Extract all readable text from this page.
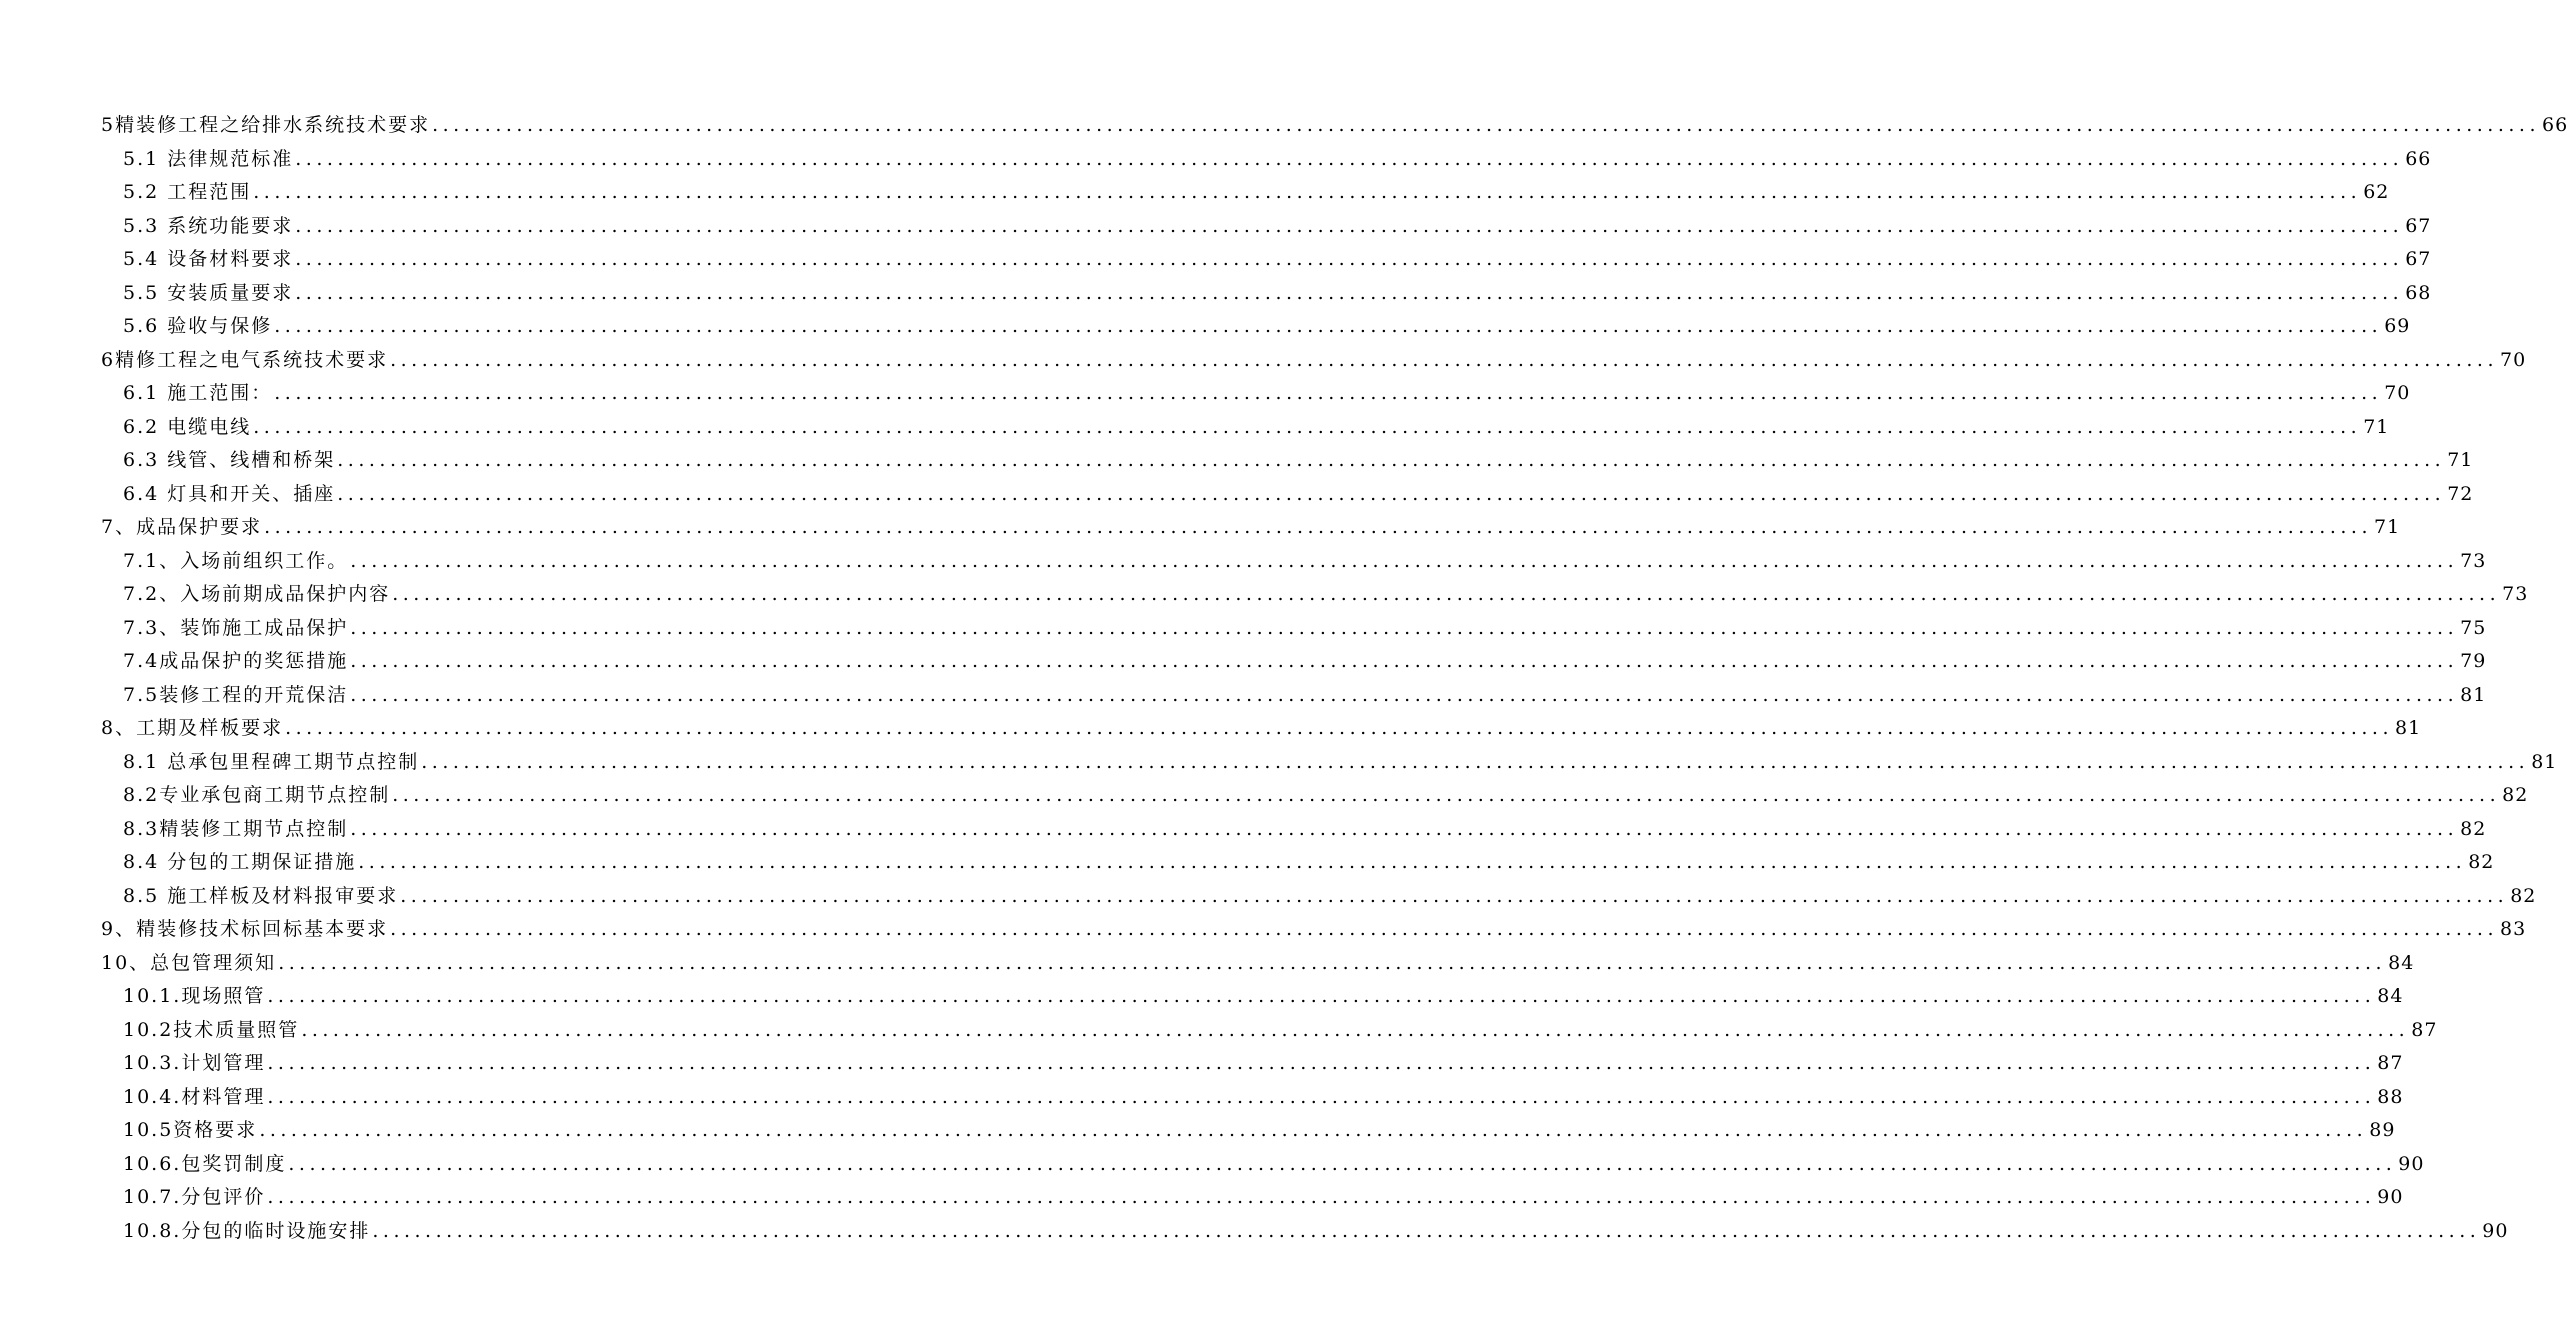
5精装修工程之给排水系统技术要求 ........................................................................................................................................................................................................ 66
5.1 法律规范标准 ........................................................................................................................................................................................................ 66
5.2 工程范围 ........................................................................................................................................................................................................ 62
5.3 系统功能要求 ........................................................................................................................................................................................................ 67
5.4 设备材料要求 ........................................................................................................................................................................................................ 67
5.5 安装质量要求 ........................................................................................................................................................................................................ 68
5.6 验收与保修 ........................................................................................................................................................................................................ 69
6精修工程之电气系统技术要求 ........................................................................................................................................................................................................ 70
6.1 施工范围： ........................................................................................................................................................................................................ 70
6.2 电缆电线 ........................................................................................................................................................................................................ 71
6.3 线管、线槽和桥架 ........................................................................................................................................................................................................ 71
6.4 灯具和开关、插座 ........................................................................................................................................................................................................ 72
7、成品保护要求 ........................................................................................................................................................................................................ 71
7.1、入场前组织工作。 ........................................................................................................................................................................................................ 73
7.2、入场前期成品保护内容 ........................................................................................................................................................................................................ 73
7.3、装饰施工成品保护 ........................................................................................................................................................................................................ 75
7.4成品保护的奖惩措施 ........................................................................................................................................................................................................ 79
7.5装修工程的开荒保洁 ........................................................................................................................................................................................................ 81
8、工期及样板要求 ........................................................................................................................................................................................................ 81
8.1 总承包里程碑工期节点控制 ........................................................................................................................................................................................................ 81
8.2专业承包商工期节点控制 ........................................................................................................................................................................................................ 82
8.3精装修工期节点控制 ........................................................................................................................................................................................................ 82
8.4 分包的工期保证措施 ........................................................................................................................................................................................................ 82
8.5 施工样板及材料报审要求 ........................................................................................................................................................................................................ 82
9、精装修技术标回标基本要求 ........................................................................................................................................................................................................ 83
10、总包管理须知 ........................................................................................................................................................................................................ 84
10.1.现场照管 ........................................................................................................................................................................................................ 84
10.2技术质量照管 ........................................................................................................................................................................................................ 87
10.3.计划管理 ........................................................................................................................................................................................................ 87
10.4.材料管理 ........................................................................................................................................................................................................ 88
10.5资格要求 ........................................................................................................................................................................................................ 89
10.6.包奖罚制度 ........................................................................................................................................................................................................ 90
10.7.分包评价 ........................................................................................................................................................................................................ 90
10.8.分包的临时设施安排 ........................................................................................................................................................................................................ 90
